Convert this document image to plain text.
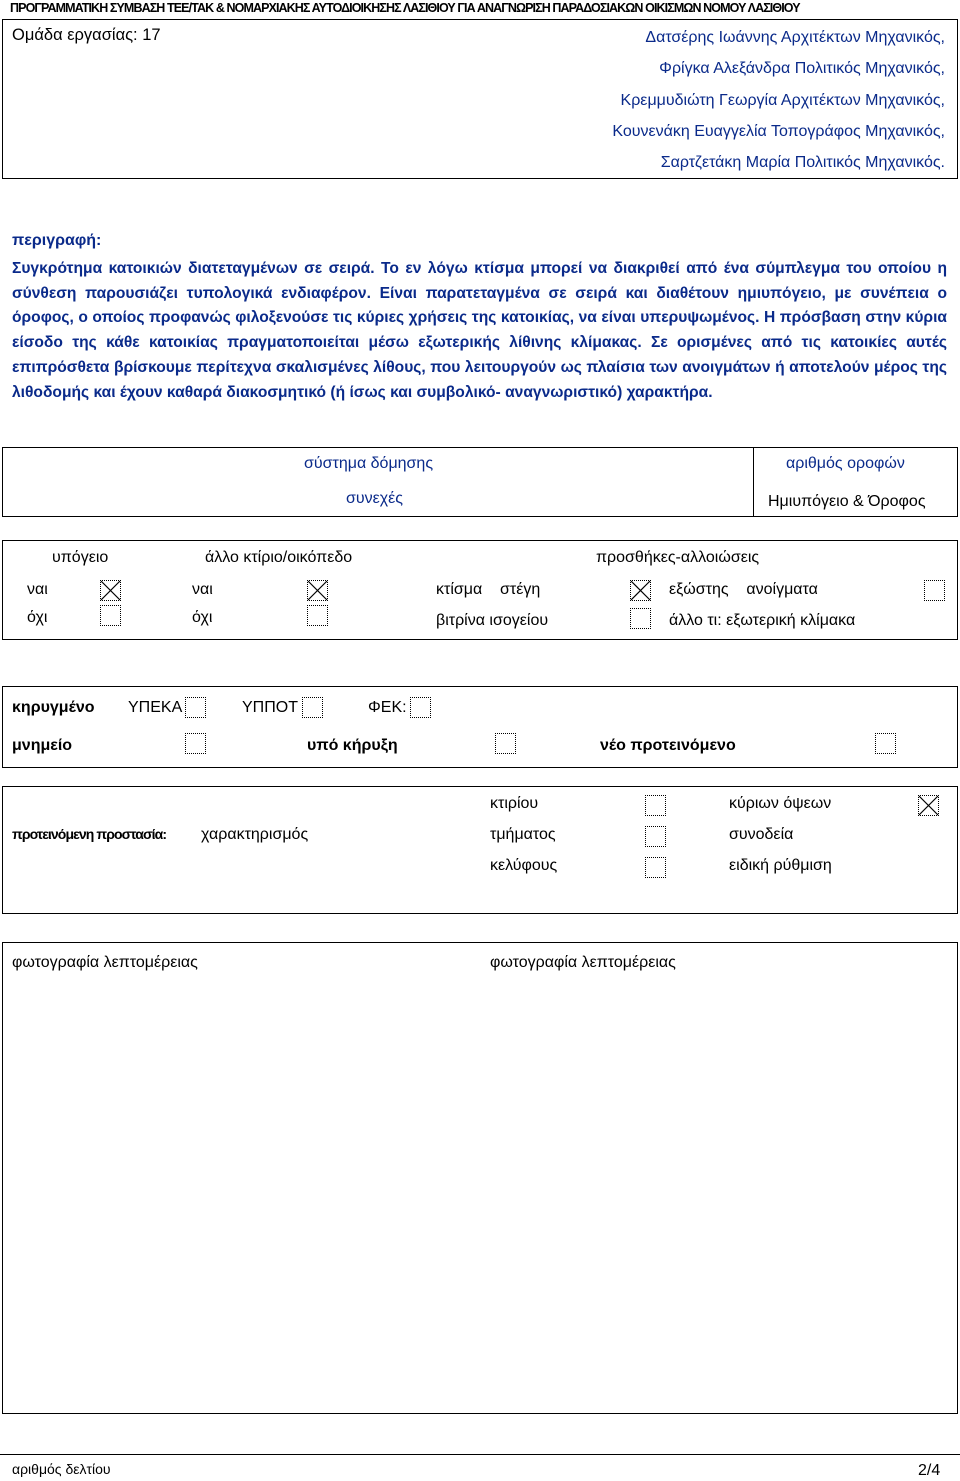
ΠΡΟΓΡΑΜΜΑΤΙΚΗ ΣΥΜΒΑΣΗ ΤΕΕ/ΤΑΚ & ΝΟΜΑΡΧΙΑΚΗΣ ΑΥΤΟΔΙΟΙΚΗΣΗΣ ΛΑΣΙΘΙΟΥ ΓΙΑ ΑΝΑΓΝΩΡΙΣΗ ΠΑΡΑΔΟΣΙΑΚΩΝ ΟΙΚΙΣΜΩΝ ΝΟΜΟΥ ΛΑΣΙΘΙΟΥ
Ομάδα εργασίας: 17	Δατσέρης Ιωάννης Αρχιτέκτων Μηχανικός,
Φρίγκα Αλεξάνδρα Πολιτικός Μηχανικός,
Κρεμμυδιώτη Γεωργία Αρχιτέκτων Μηχανικός,
Κουνενάκη Ευαγγελία Τοπογράφος Μηχανικός,
Σαρτζετάκη Μαρία Πολιτικός Μηχανικός.
περιγραφή:
Συγκρότημα κατοικιών διατεταγμένων σε σειρά. Το εν λόγω κτίσμα μπορεί να διακριθεί από ένα σύμπλεγμα του οποίου η σύνθεση παρουσιάζει τυπολογικά ενδιαφέρον. Είναι παρατεταγμένα σε σειρά και διαθέτουν ημιυπόγειο, με συνέπεια ο όροφος, ο οποίος προφανώς φιλοξενούσε τις κύριες χρήσεις της κατοικίας, να είναι υπερυψωμένος. Η πρόσβαση στην κύρια είσοδο της κάθε κατοικίας πραγματοποιείται μέσω εξωτερικής λίθινης κλίμακας. Σε ορισμένες από τις κατοικίες αυτές επιπρόσθετα βρίσκουμε περίτεχνα σκαλισμένες λίθους, που λειτουργούν ως πλαίσια των ανοιγμάτων ή αποτελούν μέρος της λιθοδομής και έχουν καθαρά διακοσμητικό (ή ίσως και συμβολικό- αναγνωριστικό) χαρακτήρα.
σύστημα δόμησης
συνεχές
αριθμός οροφών
Ημιυπόγειο & Όροφος
υπόγειο	άλλο κτίριο/οικόπεδο	προσθήκες-αλλοιώσεις
ναι	ναι	κτίσμα    στέγη	εξώστης    ανοίγματα
όχι	όχι	βιτρίνα ισογείου	άλλο τι: εξωτερική κλίμακα
κηρυγμένο ΥΠΕΚΑ	ΥΠΠΟΤ	ΦΕΚ:
μνημείο	υπό κήρυξη	νέο προτεινόμενο
προτεινόμενη προστασία: χαρακτηρισμός
κτιρίου
τμήματος
κελύφους
κύριων όψεων
συνοδεία
ειδική ρύθμιση
φωτογραφία λεπτομέρειας	φωτογραφία λεπτομέρειας
αριθμός δελτίου	2/4
